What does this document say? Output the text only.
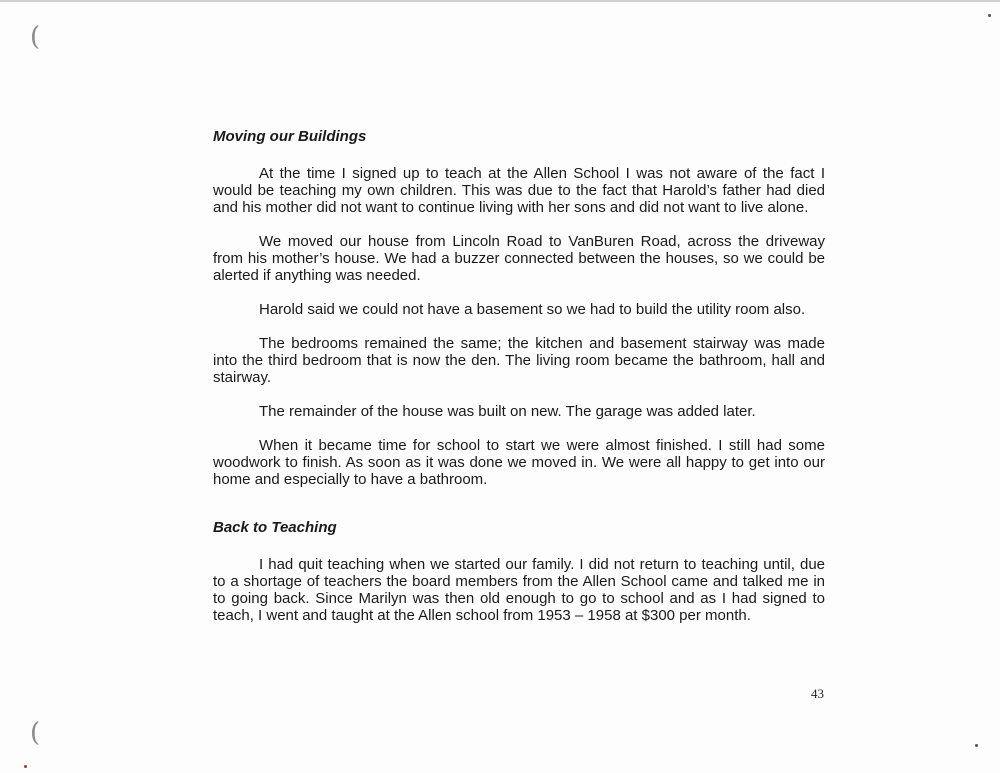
(
(

Moving our Buildings

At the time I signed up to teach at the Allen School I was not aware of the fact I would be teaching my own children. This was due to the fact that Harold’s father had died and his mother did not want to continue living with her sons and did not want to live alone.

We moved our house from Lincoln Road to VanBuren Road, across the driveway from his mother’s house. We had a buzzer connected between the houses, so we could be alerted if anything was needed.

Harold said we could not have a basement so we had to build the utility room also.

The bedrooms remained the same; the kitchen and basement stairway was made into the third bedroom that is now the den. The living room became the bathroom, hall and stairway.

The remainder of the house was built on new. The garage was added later.

When it became time for school to start we were almost finished. I still had some woodwork to finish. As soon as it was done we moved in. We were all happy to get into our home and especially to have a bathroom.

Back to Teaching

I had quit teaching when we started our family. I did not return to teaching until, due to a shortage of teachers the board members from the Allen School came and talked me in to going back. Since Marilyn was then old enough to go to school and as I had signed to teach, I went and taught at the Allen school from 1953 – 1958 at $300 per month.

43
